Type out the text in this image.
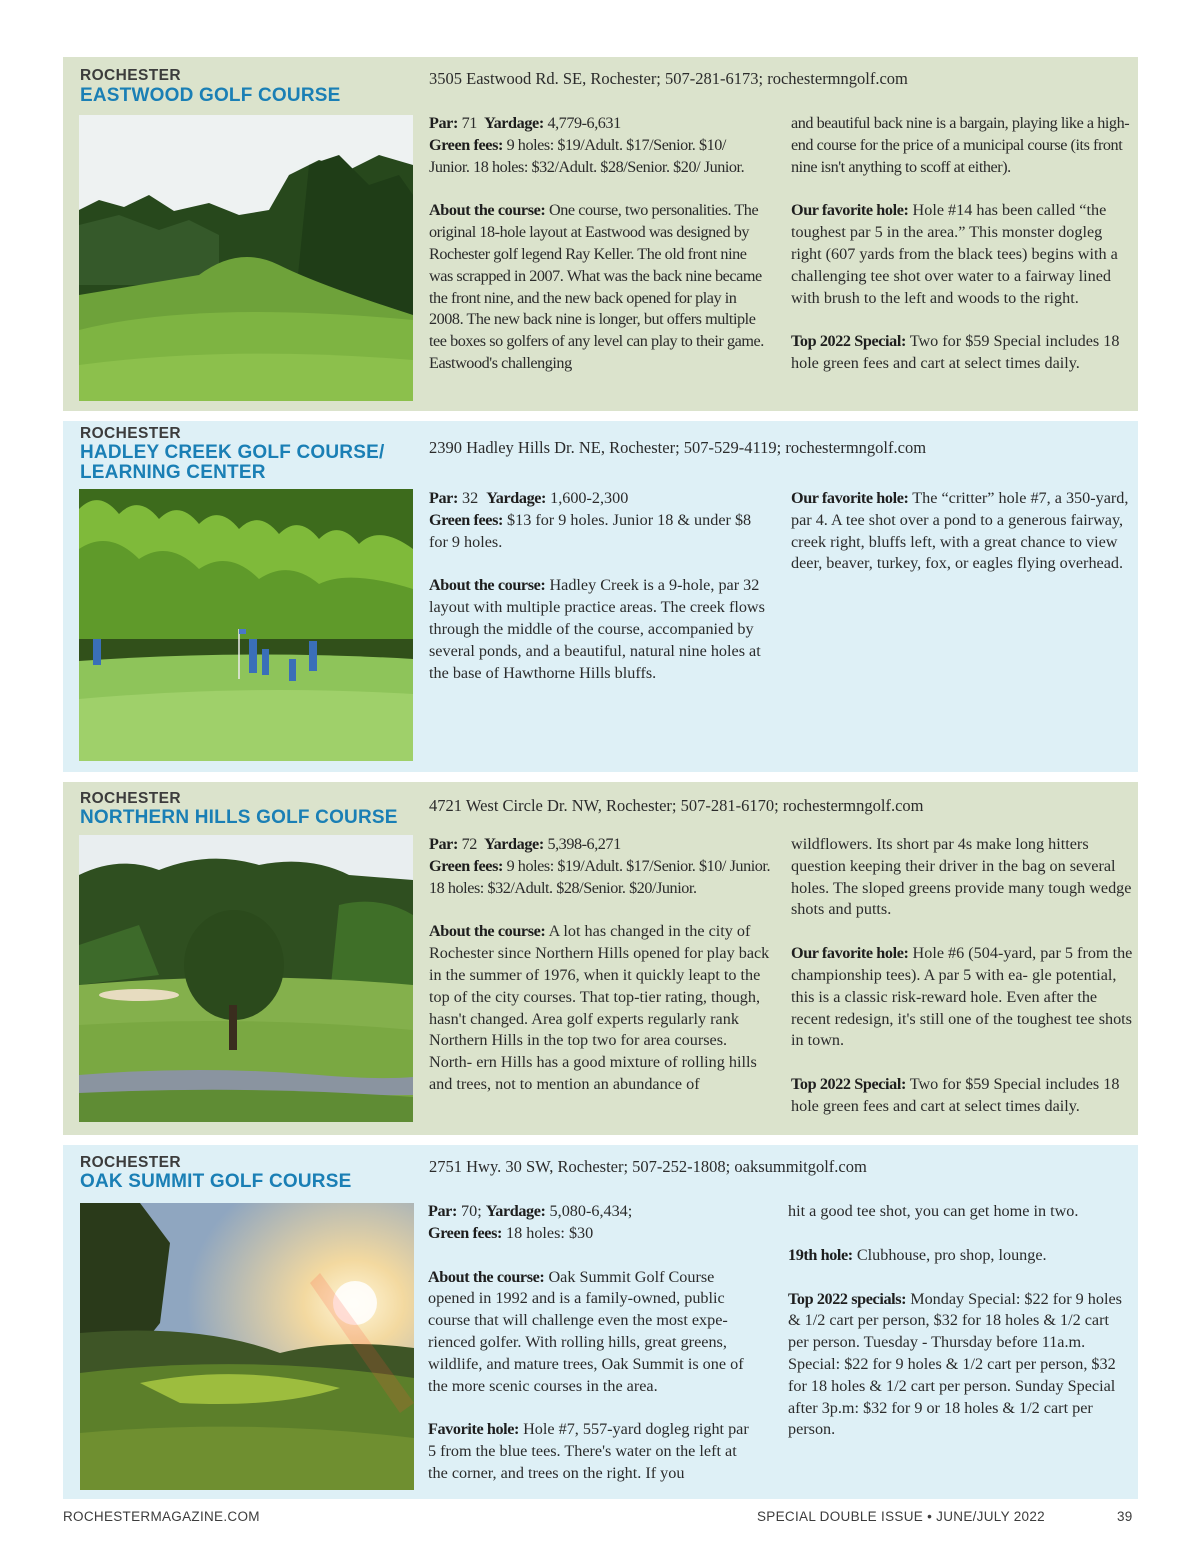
ROCHESTER
EASTWOOD GOLF COURSE
3505 Eastwood Rd. SE, Rochester; 507-281-6173; rochestermngolf.com

Par: 71 Yardage: 4,779-6,631
Green fees: 9 holes: $19/Adult. $17/Senior. $10/ Junior. 18 holes: $32/Adult. $28/Senior. $20/ Junior.

About the course: One course, two personalities. The original 18-hole layout at Eastwood was designed by Rochester golf legend Ray Keller. The old front nine was scrapped in 2007. What was the back nine became the front nine, and the new back opened for play in 2008. The new back nine is longer, but offers multiple tee boxes so golfers of any level can play to their game. Eastwood's challenging

and beautiful back nine is a bargain, playing like a high-end course for the price of a municipal course (its front nine isn't anything to scoff at either).

Our favorite hole: Hole #14 has been called “the toughest par 5 in the area.” This monster dogleg right (607 yards from the black tees) begins with a challenging tee shot over water to a fairway lined with brush to the left and woods to the right.

Top 2022 Special: Two for $59 Special includes 18 hole green fees and cart at select times daily.

ROCHESTER
HADLEY CREEK GOLF COURSE/
LEARNING CENTER
2390 Hadley Hills Dr. NE, Rochester; 507-529-4119; rochestermngolf.com

Par: 32 Yardage: 1,600-2,300
Green fees: $13 for 9 holes. Junior 18 & under $8 for 9 holes.

About the course: Hadley Creek is a 9-hole, par 32 layout with multiple practice areas. The creek flows through the middle of the course, accompanied by several ponds, and a beautiful, natural nine holes at the base of Hawthorne Hills bluffs.

Our favorite hole: The “critter” hole #7, a 350-yard, par 4. A tee shot over a pond to a generous fairway, creek right, bluffs left, with a great chance to view deer, beaver, turkey, fox, or eagles flying overhead.

ROCHESTER
NORTHERN HILLS GOLF COURSE
4721 West Circle Dr. NW, Rochester; 507-281-6170; rochestermngolf.com

Par: 72 Yardage: 5,398-6,271
Green fees: 9 holes: $19/Adult. $17/Senior. $10/ Junior. 18 holes: $32/Adult. $28/Senior. $20/Junior.

About the course: A lot has changed in the city of Rochester since Northern Hills opened for play back in the summer of 1976, when it quickly leapt to the top of the city courses. That top-tier rating, though, hasn't changed. Area golf experts regularly rank Northern Hills in the top two for area courses. North- ern Hills has a good mixture of rolling hills and trees, not to mention an abundance of

wildflowers. Its short par 4s make long hitters question keeping their driver in the bag on several holes. The sloped greens provide many tough wedge shots and putts.

Our favorite hole: Hole #6 (504-yard, par 5 from the championship tees). A par 5 with ea- gle potential, this is a classic risk-reward hole. Even after the recent redesign, it's still one of the toughest tee shots in town.

Top 2022 Special: Two for $59 Special includes 18 hole green fees and cart at select times daily.

ROCHESTER
OAK SUMMIT GOLF COURSE
2751 Hwy. 30 SW, Rochester; 507-252-1808; oaksummitgolf.com

Par: 70; Yardage: 5,080-6,434;
Green fees: 18 holes: $30

About the course: Oak Summit Golf Course opened in 1992 and is a family-owned, public course that will challenge even the most expe- rienced golfer. With rolling hills, great greens, wildlife, and mature trees, Oak Summit is one of the more scenic courses in the area.

Favorite hole: Hole #7, 557-yard dogleg right par 5 from the blue tees. There's water on the left at the corner, and trees on the right. If you

hit a good tee shot, you can get home in two.

19th hole: Clubhouse, pro shop, lounge.

Top 2022 specials: Monday Special: $22 for 9 holes & 1/2 cart per person, $32 for 18 holes & 1/2 cart per person. Tuesday - Thursday before 11a.m. Special: $22 for 9 holes & 1/2 cart per person, $32 for 18 holes & 1/2 cart per person. Sunday Special after 3p.m: $32 for 9 or 18 holes & 1/2 cart per person.

ROCHESTERMAGAZINE.COM	SPECIAL DOUBLE ISSUE • JUNE/JULY 2022	39
